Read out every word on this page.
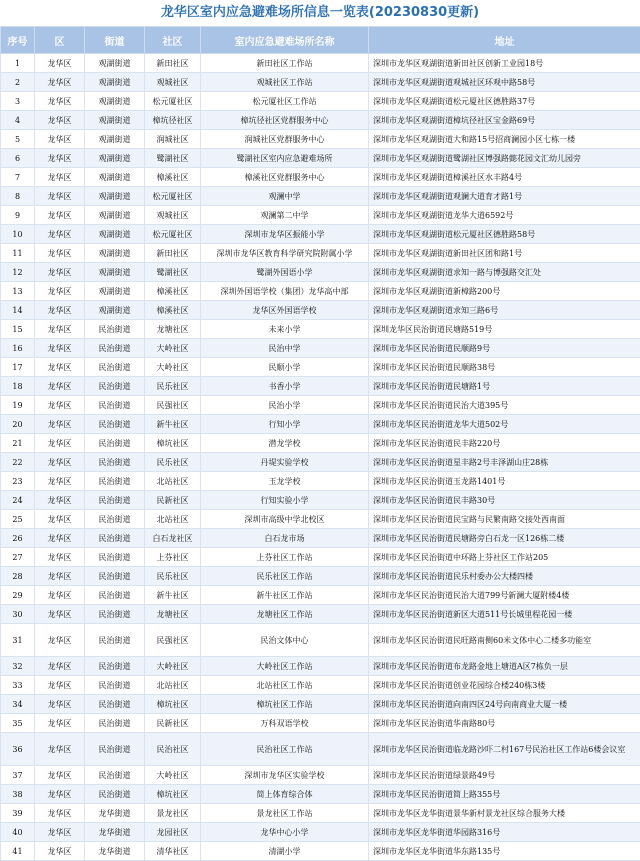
龙华区室内应急避难场所信息一览表(20230830更新)
序号	区	街道	社区	室内应急避难场所名称	地址
1	龙华区	观湖街道	新田社区	新田社区工作站	深圳市龙华区观湖街道新田社区创新工业园18号
2	龙华区	观湖街道	观城社区	观城社区工作站	深圳市龙华区观湖街道观城社区环观中路58号
3	龙华区	观湖街道	松元厦社区	松元厦社区工作站	深圳市龙华区观湖街道松元厦社区德胜路37号
4	龙华区	观湖街道	樟坑径社区	樟坑径社区党群服务中心	深圳市龙华区观湖街道樟坑径社区宝金路69号
5	龙华区	观湖街道	润城社区	润城社区党群服务中心	深圳市龙华区观湖街道大和路15号招商澜园小区七栋一楼
6	龙华区	观湖街道	鹭湖社区	鹭湖社区室内应急避难场所	深圳市龙华区观湖街道鹭湖社区博强路懿花园文汇幼儿园旁
7	龙华区	观湖街道	樟溪社区	樟溪社区党群服务中心	深圳市龙华区观湖街道樟溪社区水丰路4号
8	龙华区	观湖街道	松元厦社区	观澜中学	深圳市龙华区观湖街道观澜大道育才路1号
9	龙华区	观湖街道	观城社区	观澜第二中学	深圳市龙华区观湖街道龙华大道6592号
10	龙华区	观湖街道	松元厦社区	深圳市龙华区振能小学	深圳市龙华区观湖街道松元厦社区德胜路58号
11	龙华区	观湖街道	新田社区	深圳市龙华区教育科学研究院附属小学	深圳市龙华区观湖街道新田社区团和路1号
12	龙华区	观湖街道	鹭湖社区	鹭湖外国语小学	深圳市龙华区观湖街道求知一路与博强路交汇处
13	龙华区	观湖街道	樟溪社区	深圳外国语学校（集团）龙华高中部	深圳市龙华区观湖街道新樟路200号
14	龙华区	观湖街道	樟溪社区	龙华区外国语学校	深圳市龙华区观湖街道求知三路6号
15	龙华区	民治街道	龙塘社区	未来小学	深圳龙华区民治街道民塘路519号
16	龙华区	民治街道	大岭社区	民治中学	深圳市龙华区民治街道民顺路9号
17	龙华区	民治街道	大岭社区	民顺小学	深圳市龙华区民治街道民顺路38号
18	龙华区	民治街道	民乐社区	书香小学	深圳市龙华区民治街道民塘路1号
19	龙华区	民治街道	民强社区	民治小学	深圳市龙华区民治街道民治大道395号
20	龙华区	民治街道	新牛社区	行知小学	深圳市龙华区民治街道龙华大道502号
21	龙华区	民治街道	樟坑社区	潜龙学校	深圳市龙华区民治街道民丰路220号
22	龙华区	民治街道	民乐社区	丹堤实验学校	深圳市龙华区民治街道星丰路2号丰泽湖山庄28栋
23	龙华区	民治街道	北站社区	玉龙学校	深圳市龙华区民治街道玉龙路1401号
24	龙华区	民治街道	民新社区	行知实验小学	深圳市龙华区民治街道民丰路30号
25	龙华区	民治街道	北站社区	深圳市高级中学北校区	深圳市龙华区民治街道民宝路与民繁南路交接处西南面
26	龙华区	民治街道	白石龙社区	白石龙市场	深圳市龙华区民治街道民塘路旁白石龙一区126栋二楼
27	龙华区	民治街道	上芬社区	上芬社区工作站	深圳市龙华区民治街道中环路上芬社区工作站205
28	龙华区	民治街道	民乐社区	民乐社区工作站	深圳市龙华区民治街道民乐村委办公大楼四楼
29	龙华区	民治街道	新牛社区	新牛社区工作站	深圳市龙华区民治街道民治大道799号新澜大厦附楼4楼
30	龙华区	民治街道	龙塘社区	龙塘社区工作站	深圳市龙华区民治街道新区大道511号长城里程花园一楼
31	龙华区	民治街道	民强社区	民治文体中心	深圳市龙华区民治街道民旺路南侧60米文体中心二楼多功能室
32	龙华区	民治街道	大岭社区	大岭社区工作站	深圳市龙华区民治街道布龙路金地上塘道A区7栋负一层
33	龙华区	民治街道	北站社区	北站社区工作站	深圳市龙华区民治街道创业花园综合楼240栋3楼
34	龙华区	民治街道	樟坑社区	樟坑社区工作站	深圳市龙华区民治街道向南四区24号向南商业大厦一楼
35	龙华区	民治街道	民新社区	万科双语学校	深圳市龙华区民治街道华南路80号
36	龙华区	民治街道	民治社区	民治社区工作站	深圳市龙华区民治街道临龙路沙吓二村167号民治社区工作站6楼会议室
37	龙华区	民治街道	大岭社区	深圳市龙华区实验学校	深圳市龙华区民治街道绿景路49号
38	龙华区	民治街道	樟坑社区	简上体育综合体	深圳市龙华区民治街道简上路355号
39	龙华区	龙华街道	景龙社区	景龙社区工作站	深圳市龙华区龙华街道景华新村景龙社区综合服务大楼
40	龙华区	龙华街道	龙园社区	龙华中心小学	深圳市龙华区龙华街道华园路316号
41	龙华区	龙华街道	清华社区	清湖小学	深圳市龙华区龙华街道华东路135号
